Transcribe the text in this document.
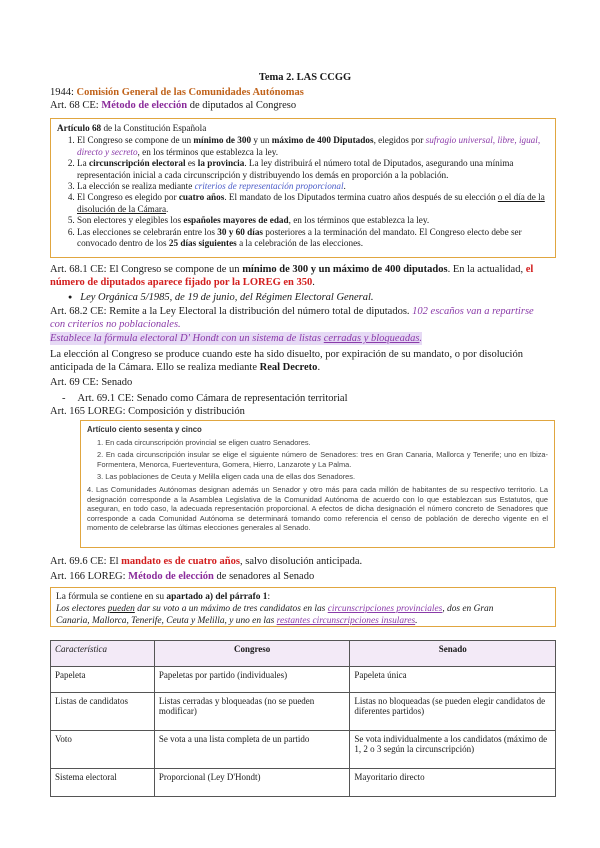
Tema 2. LAS CCGG
1944: Comisión General de las Comunidades Autónomas
Art. 68 CE: Método de elección de diputados al Congreso
Artículo 68 de la Constitución Española
1. El Congreso se compone de un mínimo de 300 y un máximo de 400 Diputados, elegidos por sufragio universal, libre, igual, directo y secreto, en los términos que establezca la ley.
2. La circunscripción electoral es la provincia. La ley distribuirá el número total de Diputados, asegurando una mínima representación inicial a cada circunscripción y distribuyendo los demás en proporción a la población.
3. La elección se realiza mediante criterios de representación proporcional.
4. El Congreso es elegido por cuatro años. El mandato de los Diputados termina cuatro años después de su elección o el día de la disolución de la Cámara.
5. Son electores y elegibles los españoles mayores de edad, en los términos que establezca la ley.
6. Las elecciones se celebrarán entre los 30 y 60 días posteriores a la terminación del mandato. El Congreso electo debe ser convocado dentro de los 25 días siguientes a la celebración de las elecciones.
Art. 68.1 CE: El Congreso se compone de un mínimo de 300 y un máximo de 400 diputados. En la actualidad, el
número de diputados aparece fijado por la LOREG en 350.
● Ley Orgánica 5/1985, de 19 de junio, del Régimen Electoral General.
Art. 68.2 CE: Remite a la Ley Electoral la distribución del número total de diputados. 102 escaños van a repartirse
con criterios no poblacionales.
Establece la fórmula electoral D' Hondt con un sistema de listas cerradas y bloqueadas.
La elección al Congreso se produce cuando este ha sido disuelto, por expiración de su mandato, o por disolución
anticipada de la Cámara. Ello se realiza mediante Real Decreto.
Art. 69 CE: Senado
- Art. 69.1 CE: Senado como Cámara de representación territorial
Art. 165 LOREG: Composición y distribución

Artículo ciento sesenta y cinco

1. En cada circunscripción provincial se eligen cuatro Senadores.

2. En cada circunscripción insular se elige el siguiente número de Senadores: tres en Gran Canaria, Mallorca y Tenerife; uno en Ibiza-Formentera, Menorca, Fuerteventura, Gomera, Hierro, Lanzarote y La Palma.

3. Las poblaciones de Ceuta y Melilla eligen cada una de ellas dos Senadores.

4. Las Comunidades Autónomas designan además un Senador y otro más para cada millón de habitantes de su respectivo territorio. La designación corresponde a la Asamblea Legislativa de la Comunidad Autónoma de acuerdo con lo que establezcan sus Estatutos, que aseguran, en todo caso, la adecuada representación proporcional. A efectos de dicha designación el número concreto de Senadores que corresponde a cada Comunidad Autónoma se determinará tomando como referencia el censo de población de derecho vigente en el momento de celebrarse las últimas elecciones generales al Senado.

Art. 69.6 CE: El mandato es de cuatro años, salvo disolución anticipada.
Art. 166 LOREG: Método de elección de senadores al Senado
La fórmula se contiene en su apartado a) del párrafo 1:
Los electores pueden dar su voto a un máximo de tres candidatos en las circunscripciones provinciales, dos en Gran
Canaria, Mallorca, Tenerife, Ceuta y Melilla, y uno en las restantes circunscripciones insulares.
Característica	Congreso	Senado
Papeleta	Papeletas por partido (individuales)	Papeleta única
Listas de candidatos	Listas cerradas y bloqueadas (no se pueden modificar)	Listas no bloqueadas (se pueden elegir candidatos de diferentes partidos)
Voto	Se vota a una lista completa de un partido	Se vota individualmente a los candidatos (máximo de 1, 2 o 3 según la circunscripción)
Sistema electoral	Proporcional (Ley D'Hondt)	Mayoritario directo
